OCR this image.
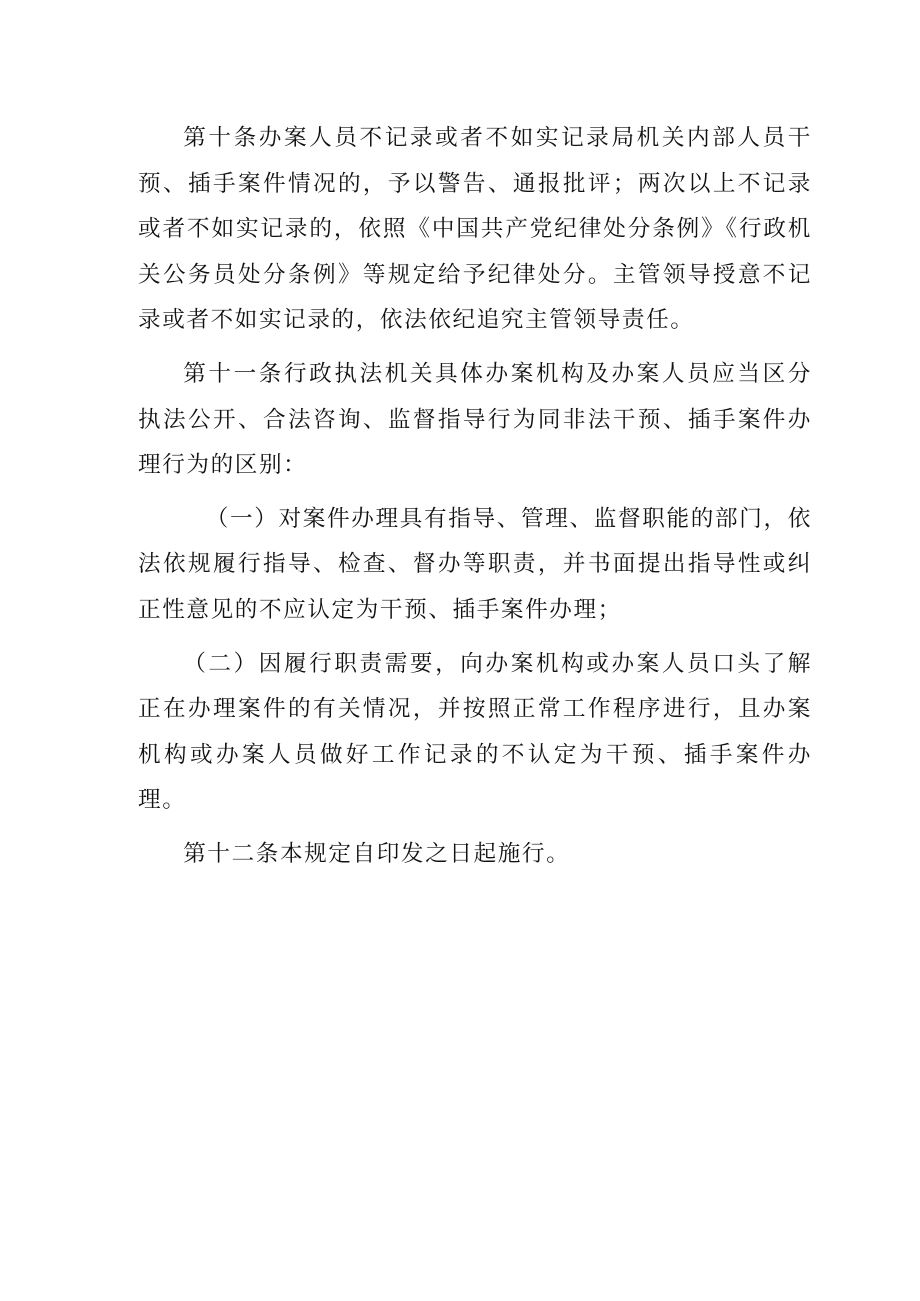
第十条办案人员不记录或者不如实记录局机关内部人员干预、插手案件情况的，予以警告、通报批评；两次以上不记录或者不如实记录的，依照《中国共产党纪律处分条例》《行政机关公务员处分条例》等规定给予纪律处分。主管领导授意不记录或者不如实记录的，依法依纪追究主管领导责任。

第十一条行政执法机关具体办案机构及办案人员应当区分执法公开、合法咨询、监督指导行为同非法干预、插手案件办理行为的区别：

（一）对案件办理具有指导、管理、监督职能的部门，依法依规履行指导、检查、督办等职责，并书面提出指导性或纠正性意见的不应认定为干预、插手案件办理；

（二）因履行职责需要，向办案机构或办案人员口头了解正在办理案件的有关情况，并按照正常工作程序进行，且办案机构或办案人员做好工作记录的不认定为干预、插手案件办理。

第十二条本规定自印发之日起施行。
